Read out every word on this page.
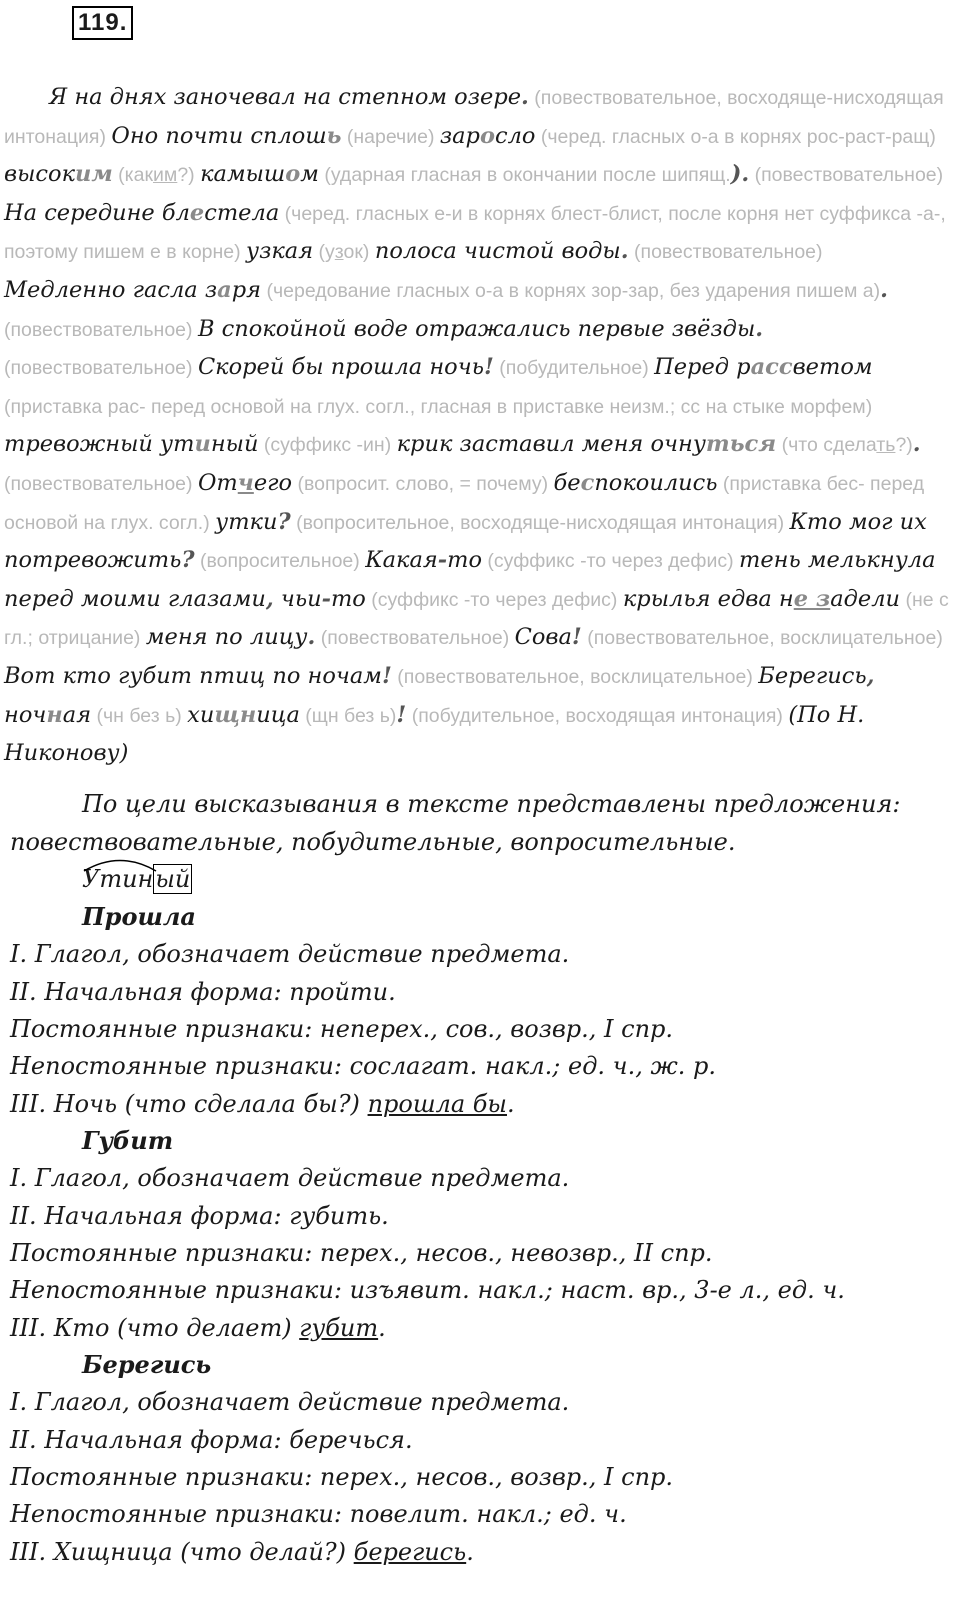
119.
  Я на днях заночевал на степном озере. (повествовательное, восходяще-нисходящая интонация) Оно почти сплошь (наречие) заросло (черед. гласных о-а в корнях рос-раст-ращ) высоким (каким?) камышом (ударная гласная в окончании после шипящ.). (повествовательное) На середине блестела (черед. гласных е-и в корнях блест-блист, после корня нет суффикса -а-, поэтому пишем е в корне) узкая (узок) полоса чистой воды. (повествовательное) Медленно гасла заря (чередование гласных о-а в корнях зор-зар, без ударения пишем а). (повествовательное) В спокойной воде отражались первые звёзды. (повествовательное) Скорей бы прошла ночь! (побудительное) Перед рассветом (приставка рас- перед основой на глух. согл., гласная в приставке неизм.; сс на стыке морфем) тревожный утиный (суффикс -ин) крик заставил меня очнуться (что сделать?). (повествовательное) Отчего (вопросит. слово, = почему) беспокоились (приставка бес- перед основой на глух. согл.) утки? (вопросительное, восходяще-нисходящая интонация) Кто мог их потревожить? (вопросительное) Какая-то (суффикс -то через дефис) тень мелькнула перед моими глазами, чьи-то (суффикс -то через дефис) крылья едва не задели (не с гл.; отрицание) меня по лицу. (повествовательное) Сова! (повествовательное, восклицательное) Вот кто губит птиц по ночам! (повествовательное, восклицательное) Берегись, ночная (чн без ь) хищница (щн без ь)! (побудительное, восходящая интонация) (По Н. Никонову)
По цели высказывания в тексте представлены предложения:
повествовательные, побудительные, вопросительные.
Утиный
Прошла
I. Глагол, обозначает действие предмета.
II. Начальная форма: пройти.
Постоянные признаки: неперех., сов., возвр., I спр.
Непостоянные признаки: сослагат. накл.; ед. ч., ж. р.
III. Ночь (что сделала бы?) прошла бы.
Губит
I. Глагол, обозначает действие предмета.
II. Начальная форма: губить.
Постоянные признаки: перех., несов., невозвр., II спр.
Непостоянные признаки: изъявит. накл.; наст. вр., 3-е л., ед. ч.
III. Кто (что делает) губит.
Берегись
I. Глагол, обозначает действие предмета.
II. Начальная форма: беречься.
Постоянные признаки: перех., несов., возвр., I спр.
Непостоянные признаки: повелит. накл.; ед. ч.
III. Хищница (что делай?) берегись.
